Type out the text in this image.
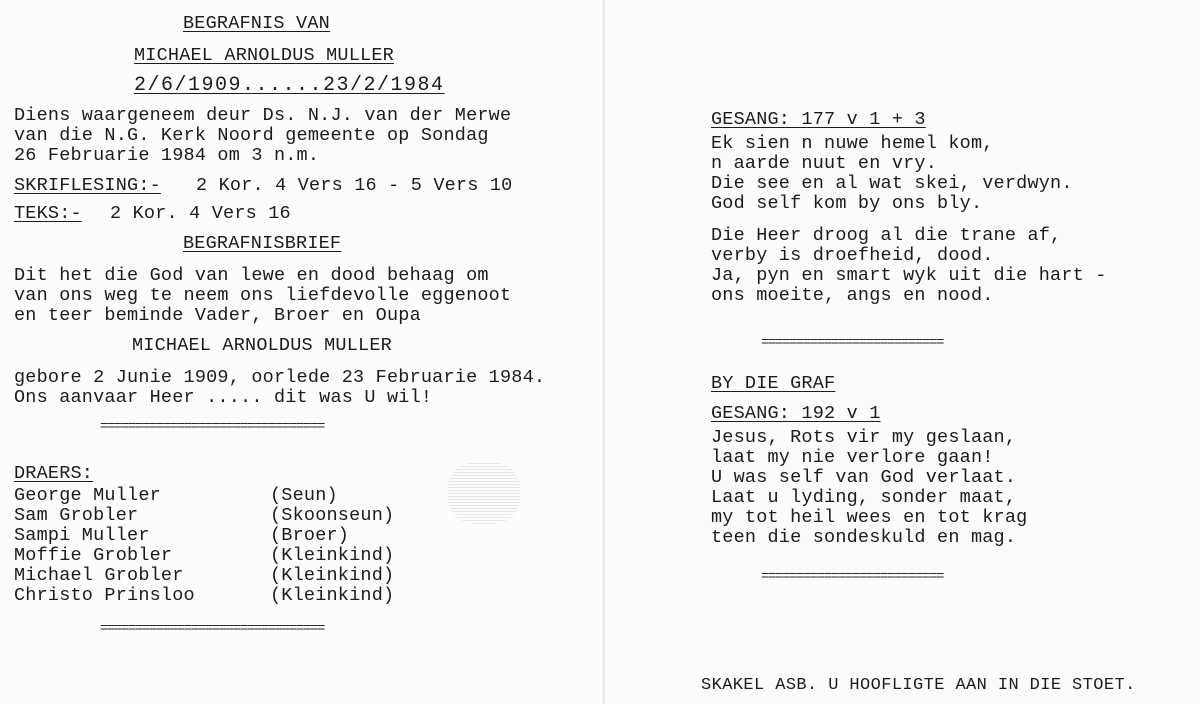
BEGRAFNIS VAN
MICHAEL ARNOLDUS MULLER
2/6/1909......23/2/1984
Diens waargeneem deur Ds. N.J. van der Merwe
van die N.G. Kerk Noord gemeente op Sondag
26 Februarie 1984 om 3 n.m.
SKRIFLESING:- 2 Kor. 4 Vers 16 - 5 Vers 10
TEKS:- 2 Kor. 4 Vers 16
BEGRAFNISBRIEF
Dit het die God van lewe en dood behaag om
van ons weg te neem ons liefdevolle eggenoot
en teer beminde Vader, Broer en Oupa
MICHAEL ARNOLDUS MULLER
gebore 2 Junie 1909, oorlede 23 Februarie 1984.
Ons aanvaar Heer ..... dit was U wil!
================================
DRAERS:
George Muller	(Seun)
Sam Grobler	(Skoonseun)
Sampi Muller	(Broer)
Moffie Grobler	(Kleinkind)
Michael Grobler	(Kleinkind)
Christo Prinsloo	(Kleinkind)
================================
GESANG: 177 v 1 + 3
Ek sien n nuwe hemel kom,
n aarde nuut en vry.
Die see en al wat skei, verdwyn.
God self kom by ons bly.
Die Heer droog al die trane af,
verby is droefheid, dood.
Ja, pyn en smart wyk uit die hart -
ons moeite, angs en nood.
==========================
BY DIE GRAF
GESANG: 192 v 1
Jesus, Rots vir my geslaan,
laat my nie verlore gaan!
U was self van God verlaat.
Laat u lyding, sonder maat,
my tot heil wees en tot krag
teen die sondeskuld en mag.
==========================
SKAKEL ASB. U HOOFLIGTE AAN IN DIE STOET.
